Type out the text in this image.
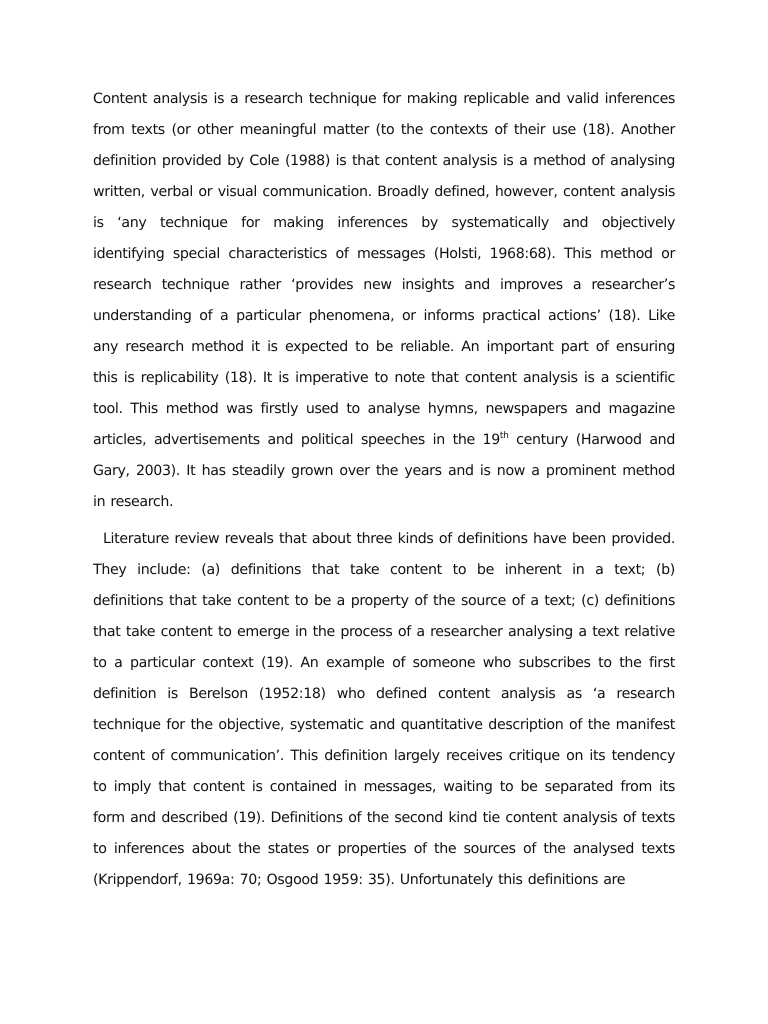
Content analysis is a research technique for making replicable and valid inferences from texts (or other meaningful matter (to the contexts of their use (18). Another definition provided by Cole (1988) is that content analysis is a method of analysing written, verbal or visual communication. Broadly defined, however, content analysis is ‘any technique for making inferences by systematically and objectively identifying special characteristics of messages (Holsti, 1968:68). This method or research technique rather ‘provides new insights and improves a researcher’s understanding of a particular phenomena, or informs practical actions’ (18). Like any research method it is expected to be reliable. An important part of ensuring this is replicability (18). It is imperative to note that content analysis is a scientific tool. This method was firstly used to analyse hymns, newspapers and magazine articles, advertisements and political speeches in the 19th century (Harwood and Gary, 2003). It has steadily grown over the years and is now a prominent method in research.

Literature review reveals that about three kinds of definitions have been provided. They include: (a) definitions that take content to be inherent in a text; (b) definitions that take content to be a property of the source of a text; (c) definitions that take content to emerge in the process of a researcher analysing a text relative to a particular context (19). An example of someone who subscribes to the first definition is Berelson (1952:18) who defined content analysis as ‘a research technique for the objective, systematic and quantitative description of the manifest content of communication’. This definition largely receives critique on its tendency to imply that content is contained in messages, waiting to be separated from its form and described (19). Definitions of the second kind tie content analysis of texts to inferences about the states or properties of the sources of the analysed texts (Krippendorf, 1969a: 70; Osgood 1959: 35). Unfortunately this definitions are
